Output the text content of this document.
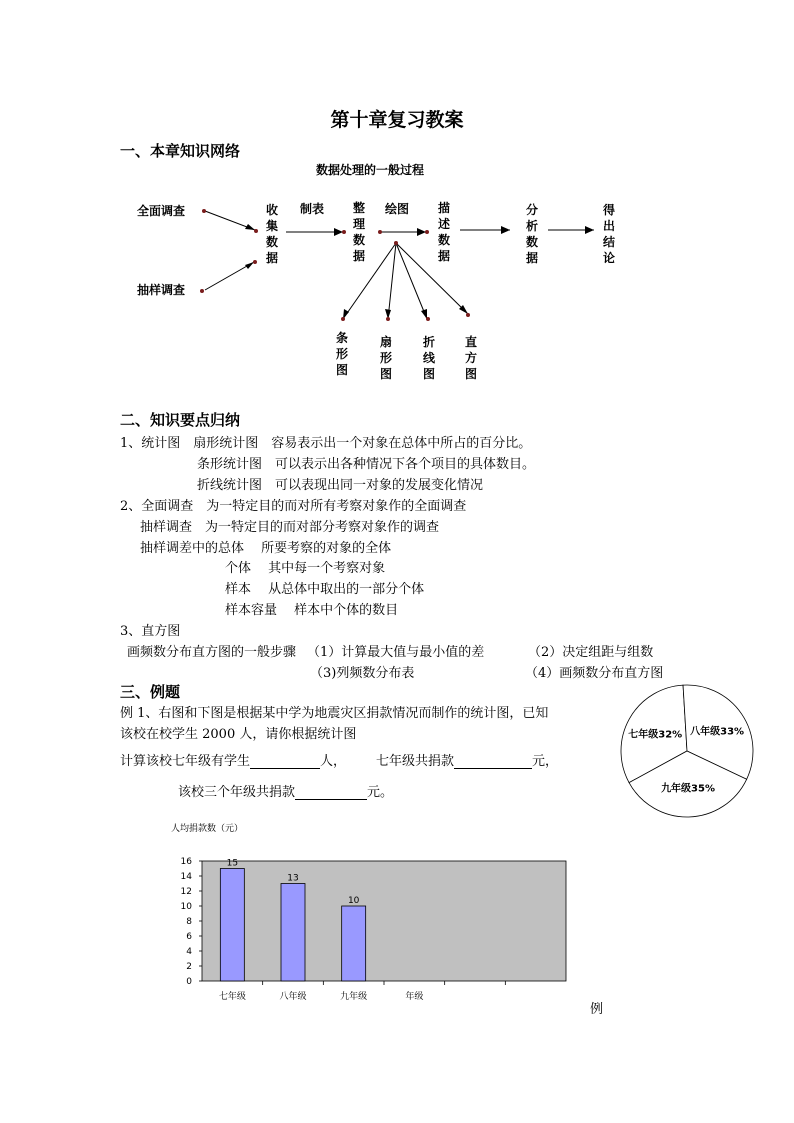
第十章复习教案
一、本章知识网络
数据处理的一般过程
全面调查
抽样调查
制表	绘图
收集数据
整理数据
描述数据
分析数据
得出结论
条形图
扇形图
折线图
直方图
二、知识要点归纳
1、统计图　扇形统计图　容易表示出一个对象在总体中所占的百分比。
条形统计图　可以表示出各种情况下各个项目的具体数目。
折线统计图　可以表现出同一对象的发展变化情况
2、全面调查　为一特定目的而对所有考察对象作的全面调查
抽样调查　为一特定目的而对部分考察对象作的调查
抽样调差中的总体　 所要考察的对象的全体
个体　 其中每一个考察对象
样本　 从总体中取出的一部分个体
样本容量　 样本中个体的数目
3、直方图
画频数分布直方图的一般步骤 （1）计算最大值与最小值的差	（2）决定组距与组数
（3)列频数分布表	（4）画频数分布直方图
三、例题
例 1、右图和下图是根据某中学为地震灾区捐款情况而制作的统计图，已知
该校在校学生 2000 人，请你根据统计图
计算该校七年级有学生	人， 七年级共捐款	元，
该校三个年级共捐款	元。
例
七年级32% 八年级33%
九年级35%
人均捐款数（元）
0
2
4
6
8
10
12
14
16	15
七年级
13
八年级
10
九年级	年级
